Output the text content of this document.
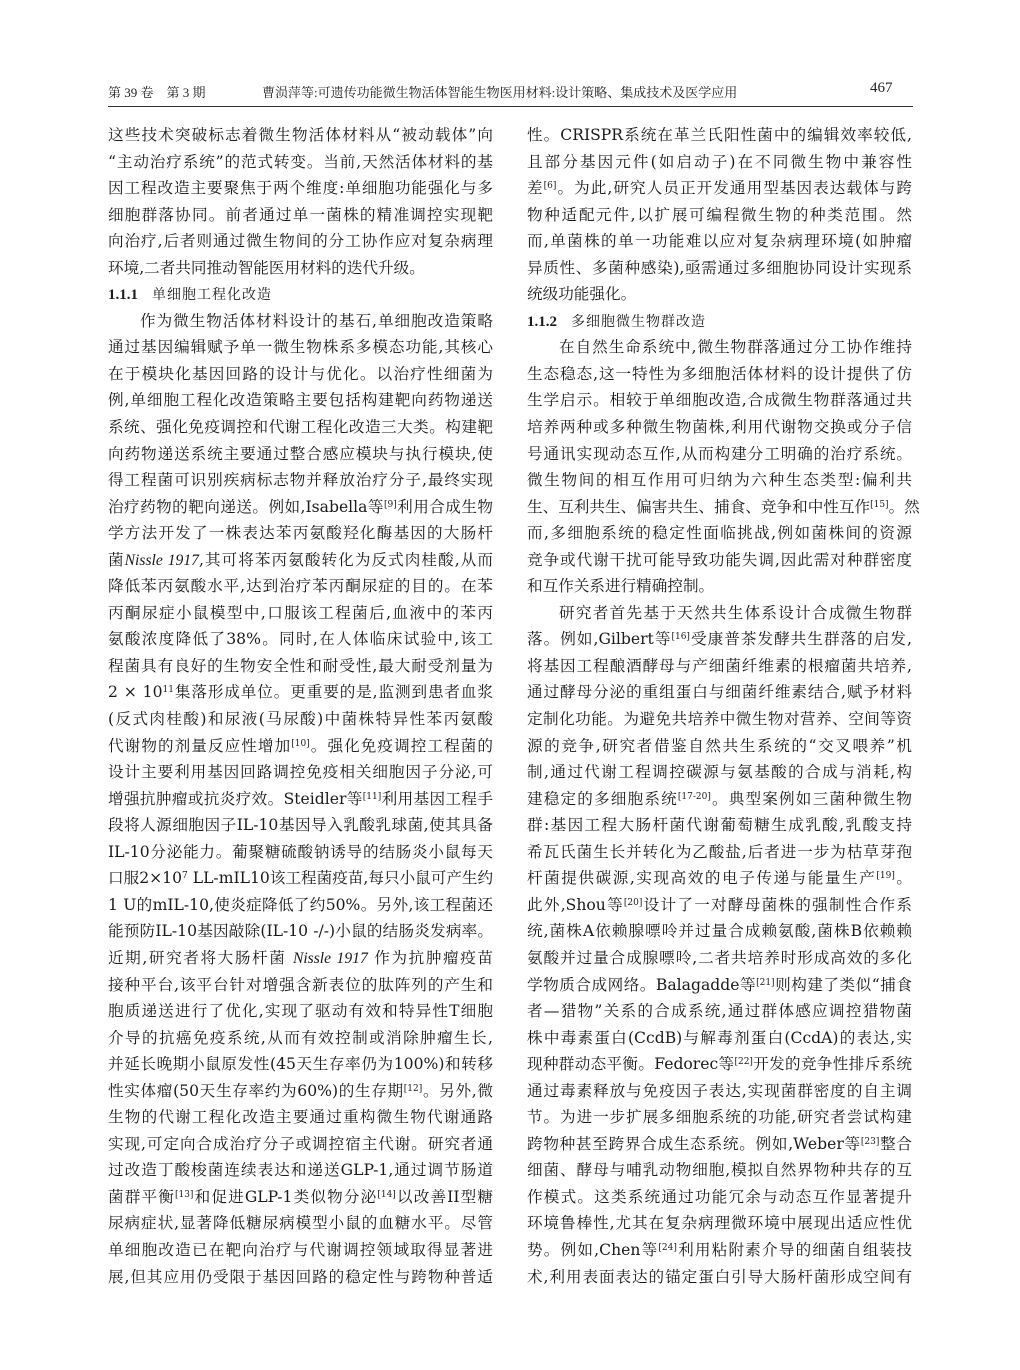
第 39 卷　第 3 期	曹涢萍等:可遗传功能微生物活体智能生物医用材料:设计策略、集成技术及医学应用	467
这些技术突破标志着微生物活体材料从“被动载体”向
“主动治疗系统”的范式转变。当前,天然活体材料的基
因工程改造主要聚焦于两个维度:单细胞功能强化与多
细胞群落协同。前者通过单一菌株的精准调控实现靶
向治疗,后者则通过微生物间的分工协作应对复杂病理
环境,二者共同推动智能医用材料的迭代升级。
1.1.1 单细胞工程化改造
作为微生物活体材料设计的基石,单细胞改造策略
通过基因编辑赋予单一微生物株系多模态功能,其核心
在于模块化基因回路的设计与优化。以治疗性细菌为
例,单细胞工程化改造策略主要包括构建靶向药物递送
系统、强化免疫调控和代谢工程化改造三大类。构建靶
向药物递送系统主要通过整合感应模块与执行模块,使
得工程菌可识别疾病标志物并释放治疗分子,最终实现
治疗药物的靶向递送。例如,Isabella等[9]利用合成生物
学方法开发了一株表达苯丙氨酸羟化酶基因的大肠杆
菌Nissle 1917,其可将苯丙氨酸转化为反式肉桂酸,从而
降低苯丙氨酸水平,达到治疗苯丙酮尿症的目的。在苯
丙酮尿症小鼠模型中,口服该工程菌后,血液中的苯丙
氨酸浓度降低了38%。同时,在人体临床试验中,该工
程菌具有良好的生物安全性和耐受性,最大耐受剂量为
$2 \times 10^{11}$集落形成单位。更重要的是,监测到患者血浆
(反式肉桂酸)和尿液(马尿酸)中菌株特异性苯丙氨酸
代谢物的剂量反应性增加[10]。强化免疫调控工程菌的
设计主要利用基因回路调控免疫相关细胞因子分泌,可
增强抗肿瘤或抗炎疗效。Steidler等[11]利用基因工程手
段将人源细胞因子IL-10基因导入乳酸乳球菌,使其具备
IL-10分泌能力。葡聚糖硫酸钠诱导的结肠炎小鼠每天
口服$2\times 10^7$ LL-mIL10该工程菌疫苗,每只小鼠可产生约
1 U的mIL-10,使炎症降低了约50%。另外,该工程菌还
能预防IL-10基因敲除(IL-10 -/-)小鼠的结肠炎发病率。
近期,研究者将大肠杆菌 Nissle 1917 作为抗肿瘤疫苗
接种平台,该平台针对增强含新表位的肽阵列的产生和
胞质递送进行了优化,实现了驱动有效和特异性T细胞
介导的抗癌免疫系统,从而有效控制或消除肿瘤生长,
并延长晚期小鼠原发性(45天生存率仍为100%)和转移
性实体瘤(50天生存率约为60%)的生存期[12]。另外,微
生物的代谢工程化改造主要通过重构微生物代谢通路
实现,可定向合成治疗分子或调控宿主代谢。研究者通
过改造丁酸梭菌连续表达和递送GLP-1,通过调节肠道
菌群平衡[13]和促进GLP-1类似物分泌[14]以改善II型糖
尿病症状,显著降低糖尿病模型小鼠的血糖水平。尽管
单细胞改造已在靶向治疗与代谢调控领域取得显著进
展,但其应用仍受限于基因回路的稳定性与跨物种普适
性。CRISPR系统在革兰氏阳性菌中的编辑效率较低,
且部分基因元件(如启动子)在不同微生物中兼容性
差[6]。为此,研究人员正开发通用型基因表达载体与跨
物种适配元件,以扩展可编程微生物的种类范围。然
而,单菌株的单一功能难以应对复杂病理环境(如肿瘤
异质性、多菌种感染),亟需通过多细胞协同设计实现系
统级功能强化。
1.1.2 多细胞微生物群改造
在自然生命系统中,微生物群落通过分工协作维持
生态稳态,这一特性为多细胞活体材料的设计提供了仿
生学启示。相较于单细胞改造,合成微生物群落通过共
培养两种或多种微生物菌株,利用代谢物交换或分子信
号通讯实现动态互作,从而构建分工明确的治疗系统。
微生物间的相互作用可归纳为六种生态类型:偏利共
生、互利共生、偏害共生、捕食、竞争和中性互作[15]。然
而,多细胞系统的稳定性面临挑战,例如菌株间的资源
竞争或代谢干扰可能导致功能失调,因此需对种群密度
和互作关系进行精确控制。
研究者首先基于天然共生体系设计合成微生物群
落。例如,Gilbert等[16]受康普茶发酵共生群落的启发,
将基因工程酿酒酵母与产细菌纤维素的根瘤菌共培养,
通过酵母分泌的重组蛋白与细菌纤维素结合,赋予材料
定制化功能。为避免共培养中微生物对营养、空间等资
源的竞争,研究者借鉴自然共生系统的“交叉喂养”机
制,通过代谢工程调控碳源与氨基酸的合成与消耗,构
建稳定的多细胞系统[17-20]。典型案例如三菌种微生物
群:基因工程大肠杆菌代谢葡萄糖生成乳酸,乳酸支持
希瓦氏菌生长并转化为乙酸盐,后者进一步为枯草芽孢
杆菌提供碳源,实现高效的电子传递与能量生产[19]。
此外,Shou等[20]设计了一对酵母菌株的强制性合作系
统,菌株A依赖腺嘌呤并过量合成赖氨酸,菌株B依赖赖
氨酸并过量合成腺嘌呤,二者共培养时形成高效的多化
学物质合成网络。Balagadde等[21]则构建了类似“捕食
者—猎物”关系的合成系统,通过群体感应调控猎物菌
株中毒素蛋白(CcdB)与解毒剂蛋白(CcdA)的表达,实
现种群动态平衡。Fedorec等[22]开发的竞争性排斥系统
通过毒素释放与免疫因子表达,实现菌群密度的自主调
节。为进一步扩展多细胞系统的功能,研究者尝试构建
跨物种甚至跨界合成生态系统。例如,Weber等[23]整合
细菌、酵母与哺乳动物细胞,模拟自然界物种共存的互
作模式。这类系统通过功能冗余与动态互作显著提升
环境鲁棒性,尤其在复杂病理微环境中展现出适应性优
势。例如,Chen等[24]利用粘附素介导的细菌自组装技
术,利用表面表达的锚定蛋白引导大肠杆菌形成空间有
